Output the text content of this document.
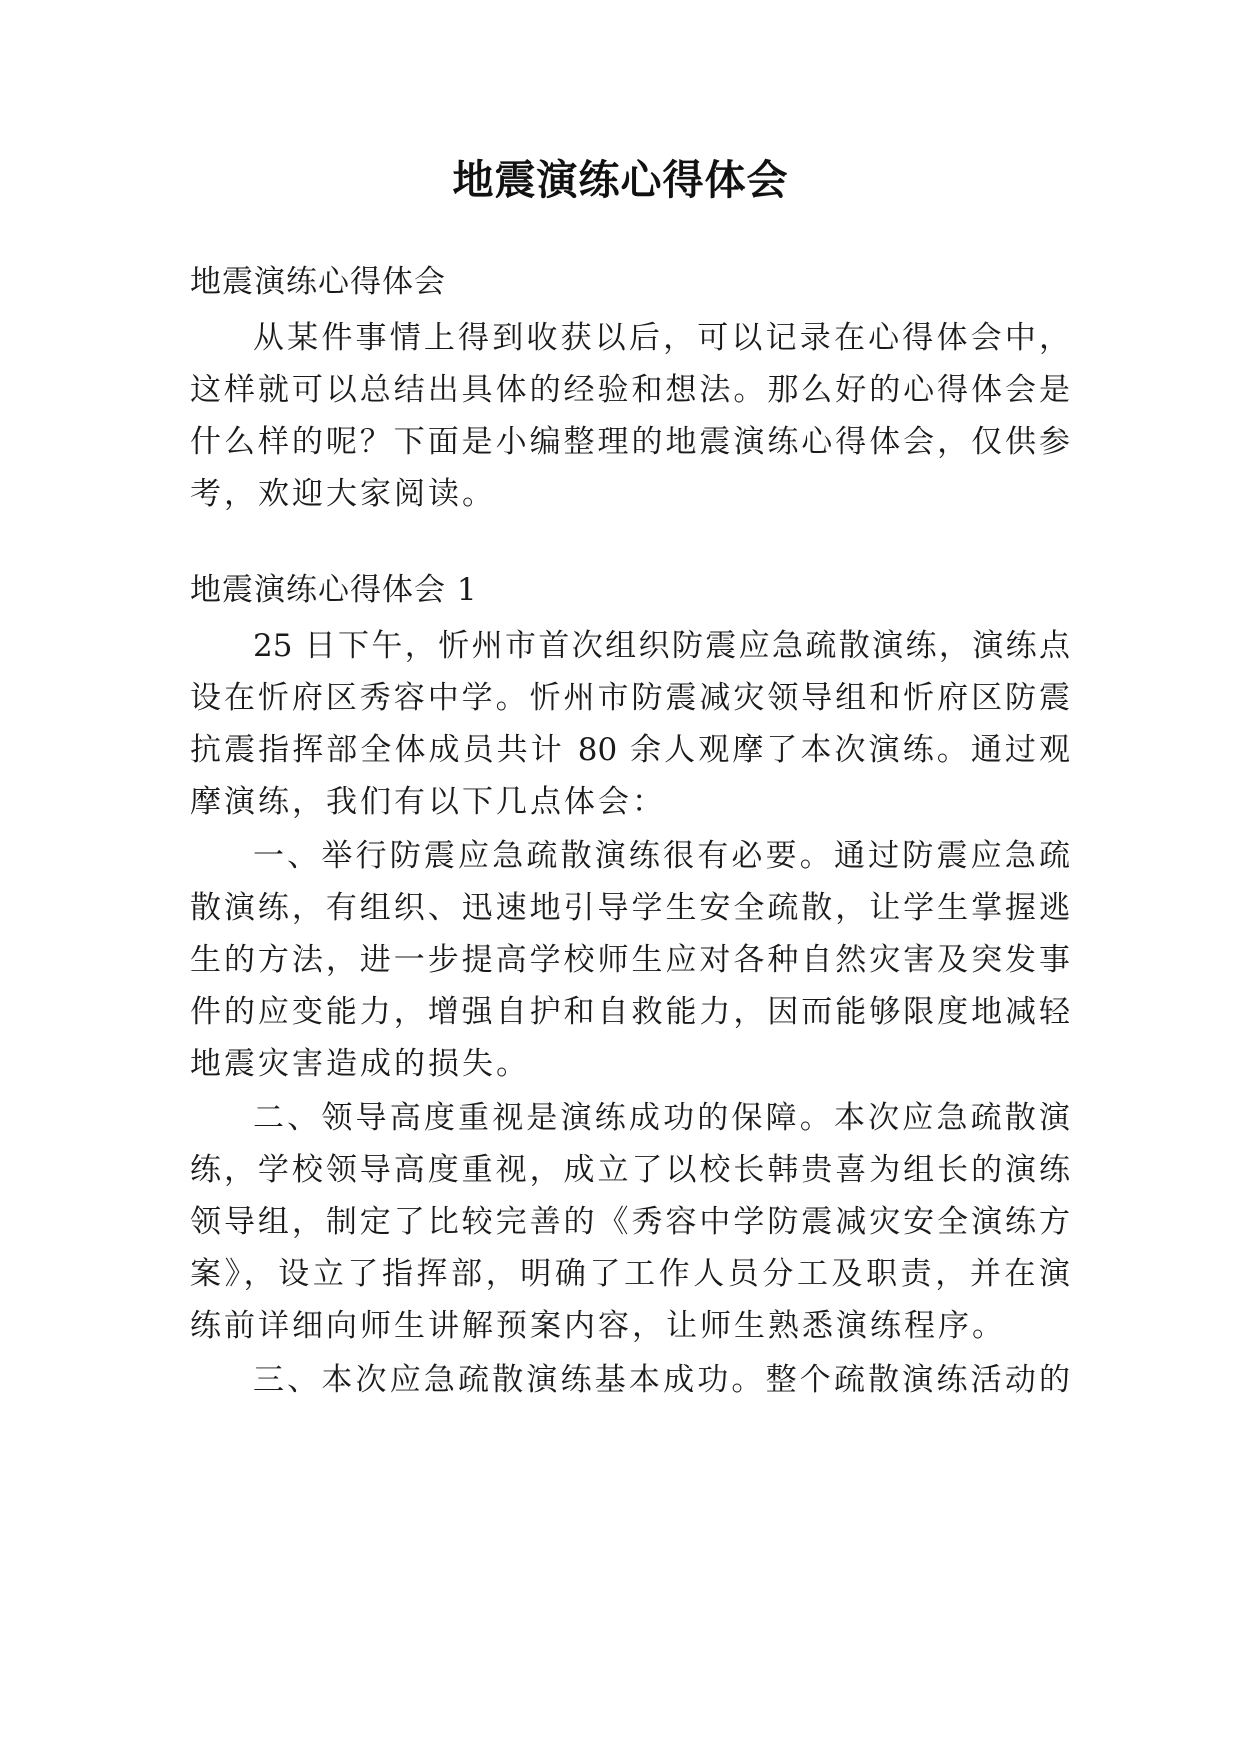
地震演练心得体会

地震演练心得体会

从某件事情上得到收获以后，可以记录在心得体会中，

这样就可以总结出具体的经验和想法。那么好的心得体会是

什么样的呢？下面是小编整理的地震演练心得体会，仅供参

考，欢迎大家阅读。

地震演练心得体会 1

25 日下午，忻州市首次组织防震应急疏散演练，演练点

设在忻府区秀容中学。忻州市防震减灾领导组和忻府区防震

抗震指挥部全体成员共计 80 余人观摩了本次演练。通过观

摩演练，我们有以下几点体会：

一、举行防震应急疏散演练很有必要。通过防震应急疏

散演练，有组织、迅速地引导学生安全疏散，让学生掌握逃

生的方法，进一步提高学校师生应对各种自然灾害及突发事

件的应变能力，增强自护和自救能力，因而能够限度地减轻

地震灾害造成的损失。

二、领导高度重视是演练成功的保障。本次应急疏散演

练，学校领导高度重视，成立了以校长韩贵喜为组长的演练

领导组，制定了比较完善的《秀容中学防震减灾安全演练方

案》，设立了指挥部，明确了工作人员分工及职责，并在演

练前详细向师生讲解预案内容，让师生熟悉演练程序。

三、本次应急疏散演练基本成功。整个疏散演练活动的
